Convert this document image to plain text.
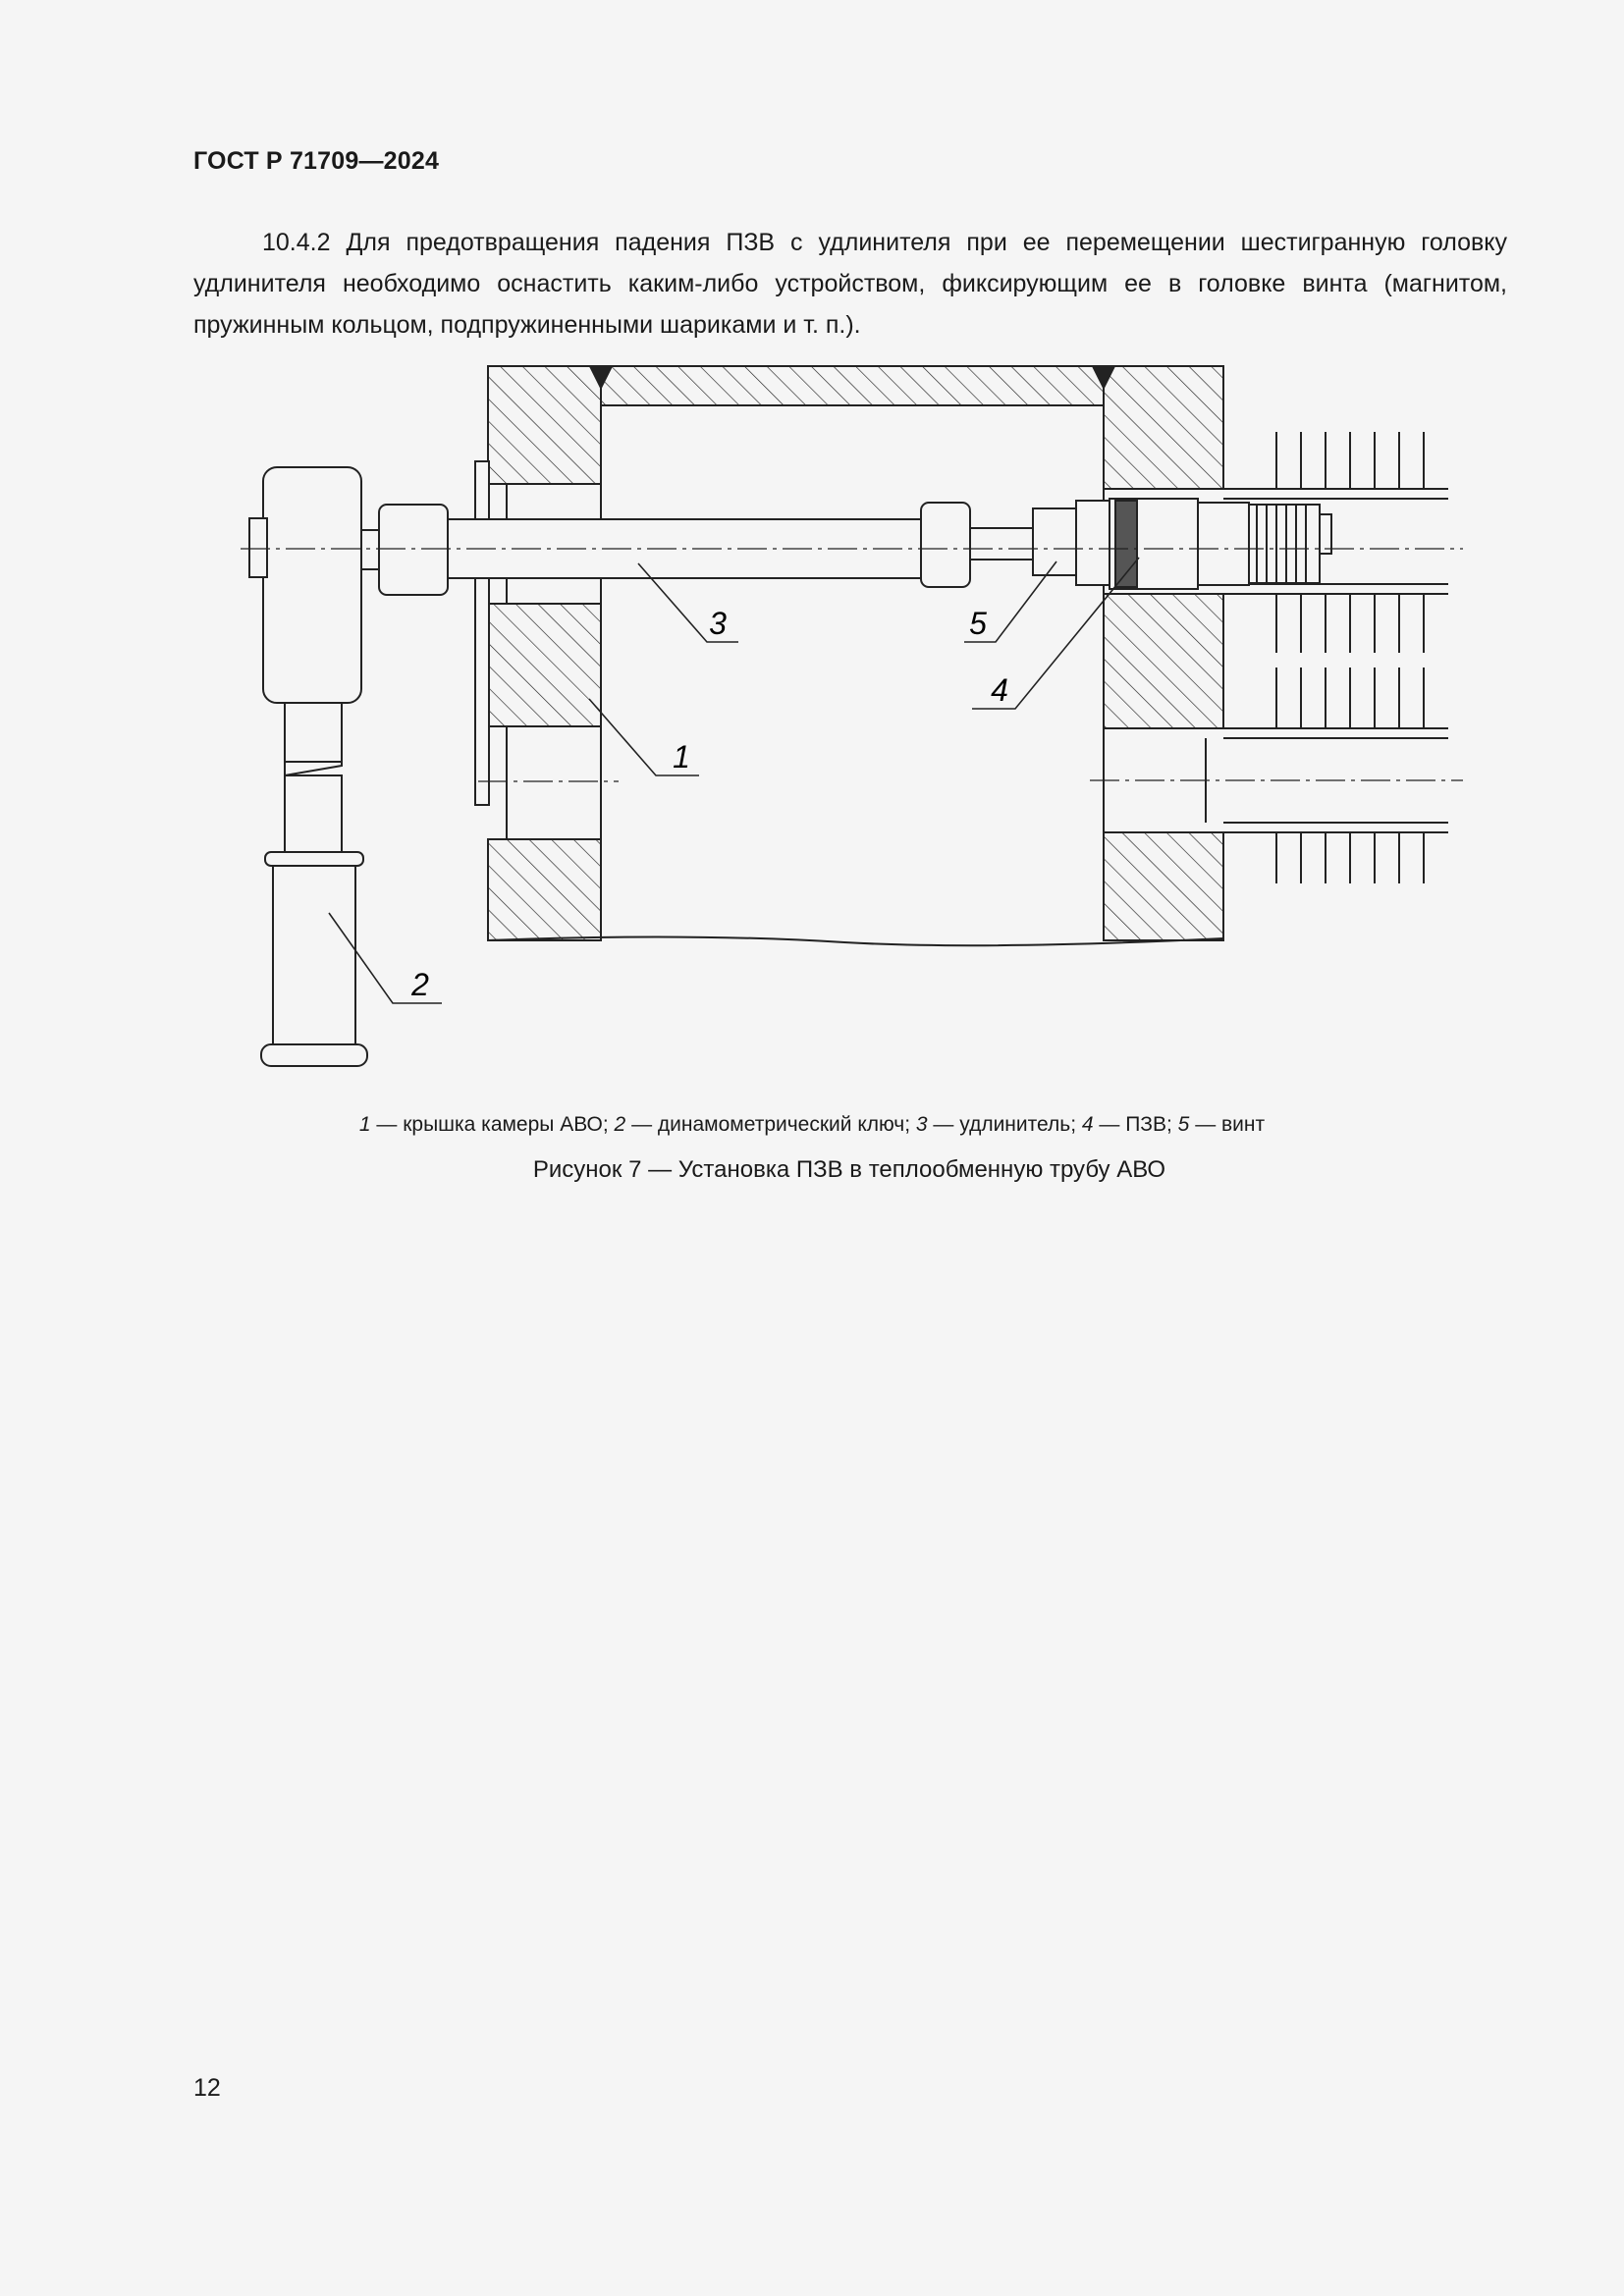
ГОСТ Р 71709—2024

10.4.2 Для предотвращения падения ПЗВ с удлинителя при ее перемещении шестигранную головку удлинителя необходимо оснастить каким-либо устройством, фиксирующим ее в головке винта (магнитом, пружинным кольцом, подпружиненными шариками и т. п.).

3
1
5
4
2

1 — крышка камеры АВО; 2 — динамометрический ключ; 3 — удлинитель; 4 — ПЗВ; 5 — винт

Рисунок 7 — Установка ПЗВ в теплообменную трубу АВО

12
